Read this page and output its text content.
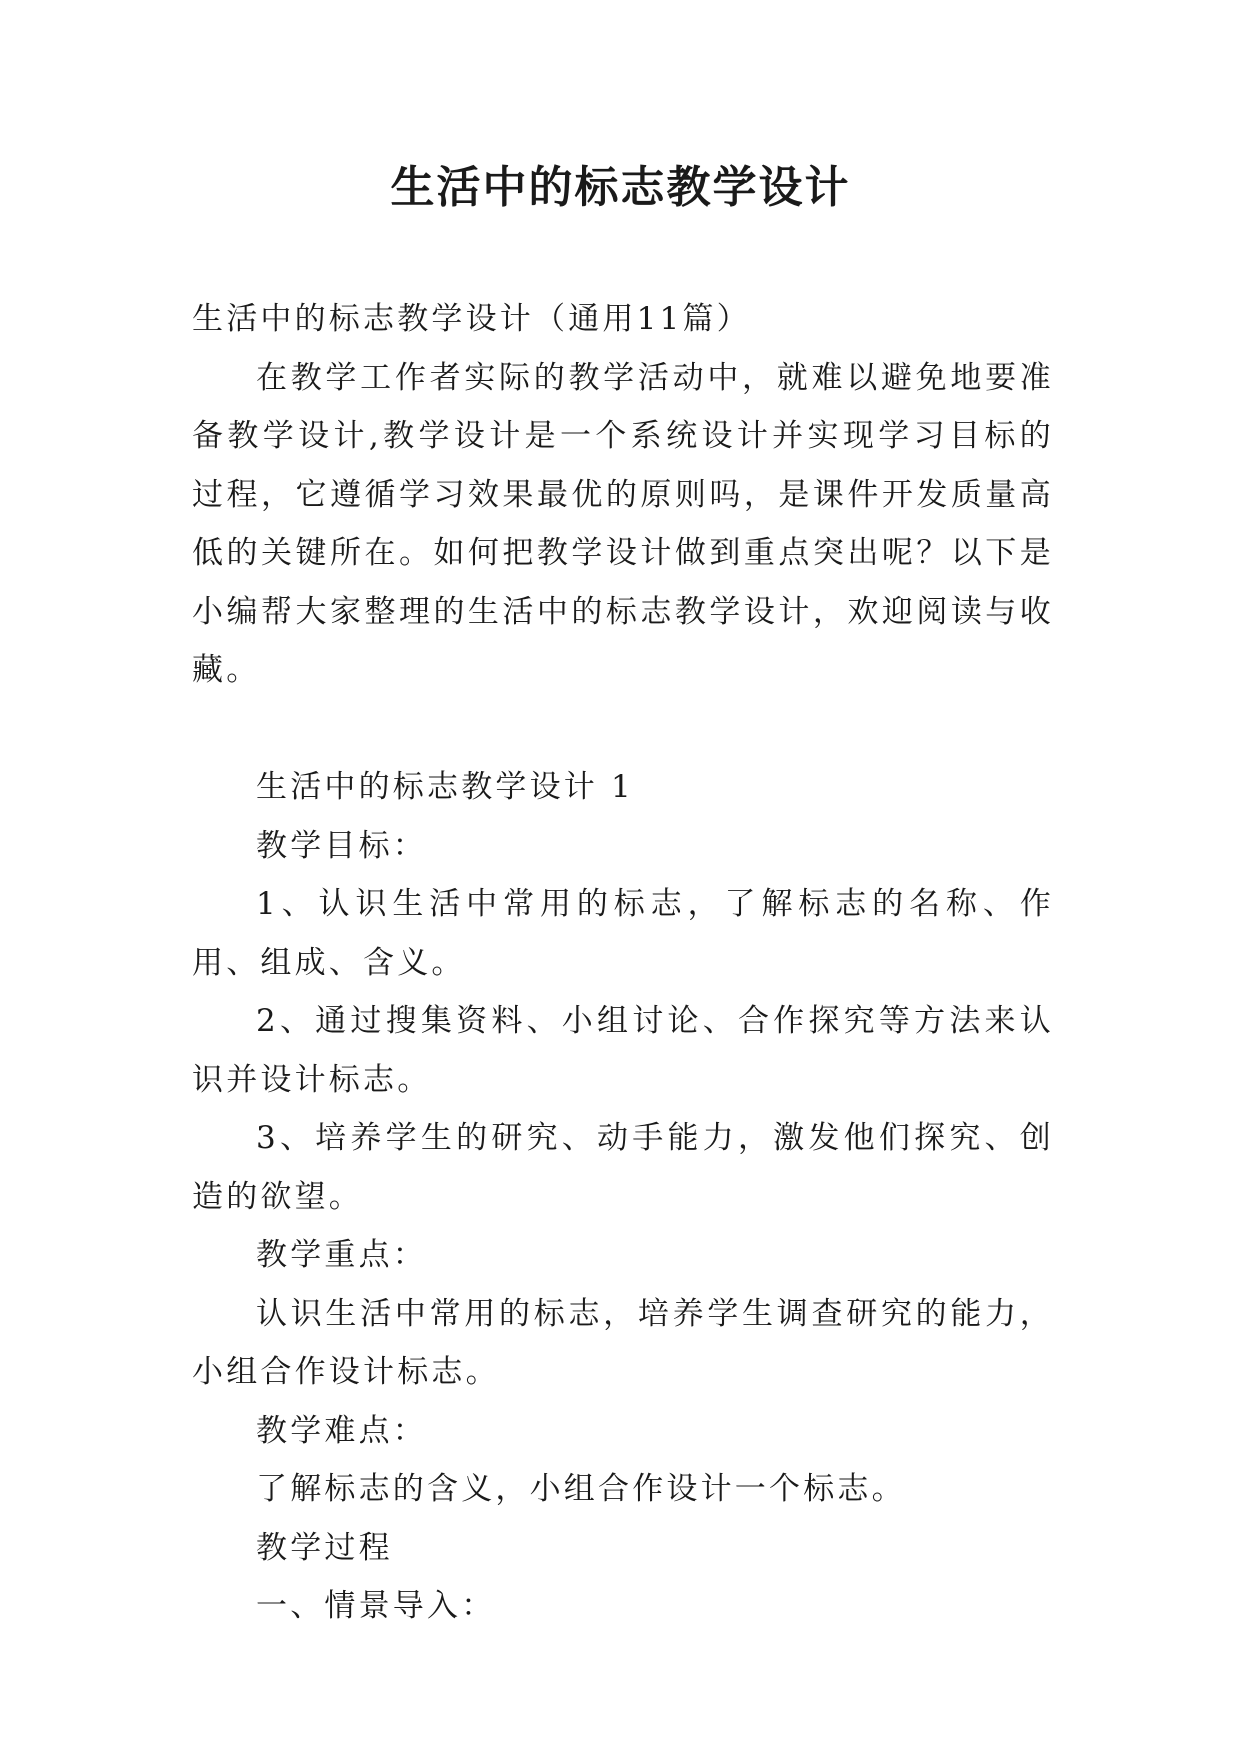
生活中的标志教学设计

生活中的标志教学设计（通用11篇）

在教学工作者实际的教学活动中，就难以避免地要准备教学设计,教学设计是一个系统设计并实现学习目标的过程，它遵循学习效果最优的原则吗，是课件开发质量高低的关键所在。如何把教学设计做到重点突出呢？以下是小编帮大家整理的生活中的标志教学设计，欢迎阅读与收藏。

生活中的标志教学设计 1

教学目标：

1、认识生活中常用的标志，了解标志的名称、作用、组成、含义。

2、通过搜集资料、小组讨论、合作探究等方法来认识并设计标志。

3、培养学生的研究、动手能力，激发他们探究、创造的欲望。

教学重点：

认识生活中常用的标志，培养学生调查研究的能力，小组合作设计标志。

教学难点：

了解标志的含义，小组合作设计一个标志。

教学过程

一、情景导入：
